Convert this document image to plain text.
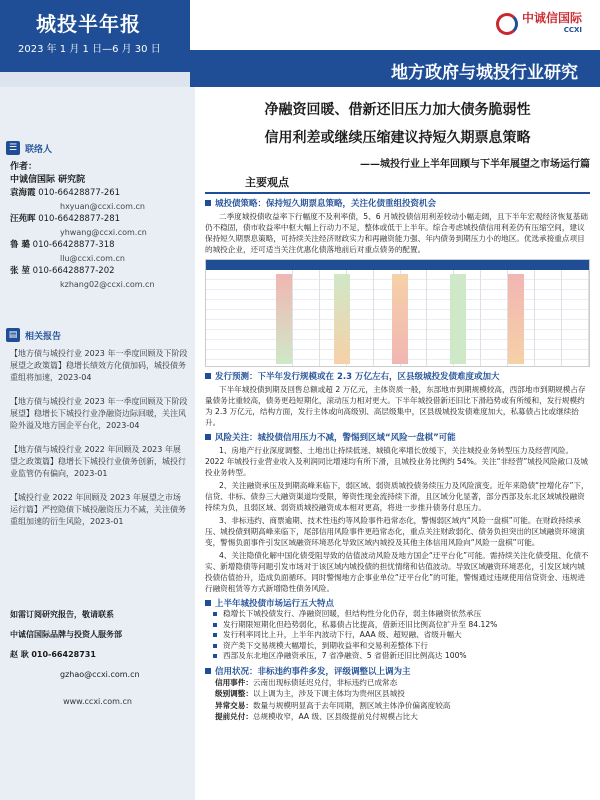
城投半年报
2023 年 1 月 1 日—6 月 30 日
中诚信国际
CCXI
地方政府与城投行业研究
☰ 联络人
作者：
中诚信国际 研究院
袁海霞 010-66428877-261
hxyuan@ccxi.com.cn
汪苑晖 010-66428877-281
yhwang@ccxi.com.cn
鲁 璐 010-66428877-318
llu@ccxi.com.cn
张 堃 010-66428877-202
kzhang02@ccxi.com.cn
▤ 相关报告
【地方债与城投行业 2023 年一季度回顾及下阶段展望之政策篇】稳增长绩效方化债加码，城投债务重组将加速，2023-04
【地方债与城投行业 2023 年一季度回顾及下阶段展望】稳增长下城投行业净融资边际回暖，关注风险外溢及地方国企平台化，2023-04
【地方债与城投行业 2022 年回顾及 2023 年展望之政策篇】稳增长下城投行业债务创新，城投行业监管仍有偏向，2023-01
【城投行业 2022 年回顾及 2023 年展望之市场运行篇】严控隐债下城投融资压力不减，关注债务重组加速的衍生风险，2023-01
如需订阅研究报告，敬请联系
中诚信国际品牌与投资人服务部
赵 耿 010-66428731
gzhao@ccxi.com.cn
www.ccxi.com.cn
净融资回暖、借新还旧压力加大债务脆弱性
信用利差或继续压缩建议持短久期票息策略
——城投行业上半年回顾与下半年展望之市场运行篇
主要观点
城投债策略：保持短久期票息策略，关注化债重组投资机会
二季度城投债收益率下行幅度不及利率债，5、6 月城投债信用利差较动小幅走阔，且下半年宏观经济恢复基础仍不稳固，债市收益率中枢大幅上行动力不足，整体或低于上半年。综合考虑城投债信用利差仍有压缩空间，建议保持短久期票息策略，可持续关注经济财政实力和再融资能力强、年内债务到期压力小的地区。优选承接重点项目的城投企业，还可适当关注优惠化债落地前后对重点债务的配置。
发行预测：下半年发行规模或在 2.3 万亿左右，区县级城投发债难度或加大
下半年城投债到期及回售总额或超 2 万亿元，主体资质一般，东部地市到期规模较高，西部地市到期规模占存量债务比重较高，债务更趋短期化，滚动压力相对更大。下半年城投借新还旧比下滑趋势或有所缓和，发行规模约为 2.3 万亿元，结构方面，发行主体或向高级别、高层级集中，区县级城投发债难度加大，私募债占比或继续抬升。
风险关注：城投债信用压力不减，警惕到区域“风险一盘棋”可能
1、房地产行业深度调整、土地出让持续低迷、城镇化率增长放缓下，关注城投业务转型压力及经营风险。2022 年城投行业营业收入及利润同比增速均有所下滑，且城投业务比例约 54%。关注“非经营”城投风险敞口及城投业务转型。
2、关注融资承压及到期高峰来临下，弱区域、弱资质城投债务续压力及风险演变。近年来隐债“控增化存”下，信贷、非标、债券三大融资渠道均受限，筹资性现金流持续下滑，且区域分化显著，部分西部及东北区域城投融资持续为负，且弱区域、弱资质城投融资成本相对更高，将进一步推升债务付息压力。
3、非标违约、商票逾期、技术性违约等风险事件趋常态化，警惕弱区域内“风险一盘棋”可能。在财政持续承压、城投债到期高峰来临下，尾部信用风险事件更趋常态化，重点关注财政弱化、债务负担突出的区域融资环境演变，警惕负面事件引发区域融资环境恶化导致区域内城投及其他主体信用风险向“风险一盘棋”可能。
4、关注隐债化解中国化债受阻导致的估值波动风险及地方国企“迂平台化”可能。需持续关注化债受阻、化债不实、新增隐债等问题引发市场对于该区域内城投债的担忧情绪和估值波动。导致区域融资环境恶化，引发区域内城投债估值抬升，造成负面循环。同时警惕地方企事业单位“迂平台化”的可能，警惕通过违规使用信贷资金、违规进行融资租赁等方式新增隐性债务风险。
上半年城投债市场运行五大特点
稳增长下城投债发行、净融资回暖，但结构性分化仍存，弱主体融资依然承压
发行期限短期化但趋势弱化，私募债占比提高，借新还旧比例高位扩升至 84.12%
发行利率同比上升，上半年内波动下行，AAA 级、超短融、省级升幅大
资产类下交易规模大幅增长，到期收益率和交易利差整体下行
西部及东北地区净融资承压，7 省净融资、5 省借新还旧比例高达 100%
信用状况：非标违约事件多发，评级调整以上调为主
信用事件：云南出现标债延迟兑付，非标违约已成常态
级别调整：以上调为主，涉及下调主体均为贵州区县城投
异常交易：数量与规模明显高于去年同期，割区域主体净价偏离度较高
提前兑付：总规模收窄，AA 级、区县级提前兑付规模占比大
